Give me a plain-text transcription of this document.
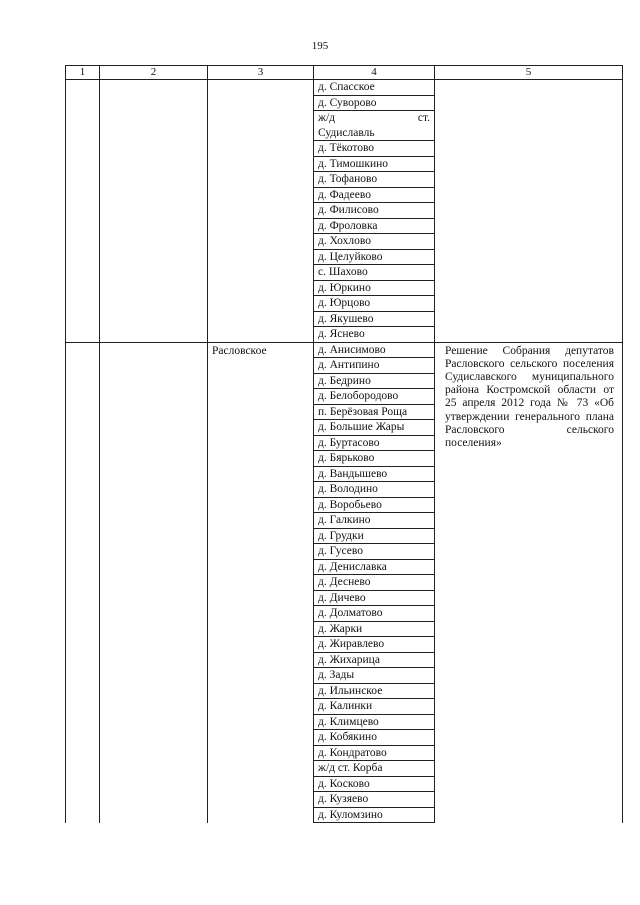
195
1	2	3	4	5
			д. Спасское	
			д. Суворово	

			ж/д ст.
Судиславль	

			д. Тёкотово	
			д. Тимошкино	
			д. Тофаново	
			д. Фадеево	
			д. Филисово	
			д. Фроловка	
			д. Хохлово	
			д. Целуйково	
			с. Шахово	
			д. Юркино	
			д. Юрцово	
			д. Якушево	
			д. Яснево	
		Расловское	д. Анисимово	Решение Собрания депутатов Расловского сельского поселения Судиславского муниципального района Костромской области от 25 апреля 2012 года № 73 «Об утверждении генерального плана Расловского сельского поселения»

			д. Антипино	
			д. Бедрино	
			д. Белобородово	
			п. Берёзовая Роща	
			д. Большие Жары	
			д. Буртасово	
			д. Бярьково	
			д. Вандышево	
			д. Володино	
			д. Воробьево	
			д. Галкино	
			д. Грудки	
			д. Гусево	
			д. Дениславка	
			д. Деснево	
			д. Дичево	
			д. Долматово	
			д. Жарки	
			д. Жиравлево	
			д. Жихарица	
			д. Зады	
			д. Ильинское	
			д. Калинки	
			д. Климцево	
			д. Кобякино	
			д. Кондратово	
			ж/д ст. Корба	
			д. Косково	
			д. Кузяево	
			д. Куломзино	
